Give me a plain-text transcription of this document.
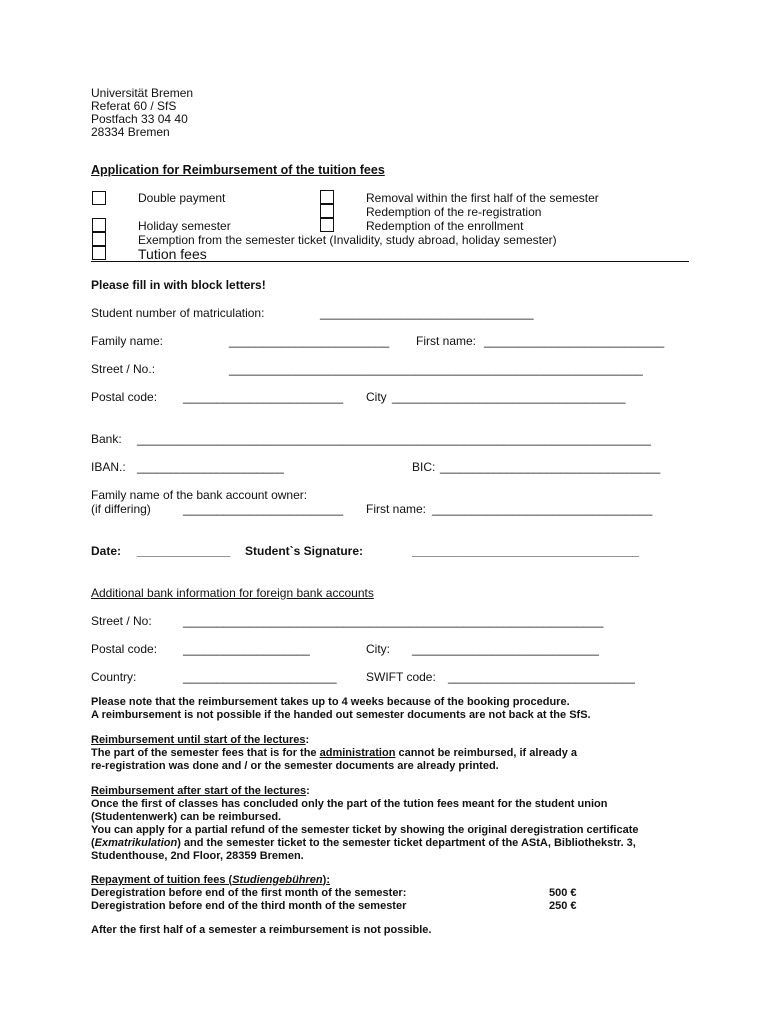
Universität Bremen
Referat 60 / SfS
Postfach 33 04 40
28334 Bremen
Application for Reimbursement of the tuition fees
Double payment
Holiday semester
Removal within the first half of the semester
Redemption of the re-registration
Redemption of the enrollment
Exemption from the semester ticket (Invalidity, study abroad, holiday semester)
Tution fees
Please fill in with block letters!
Student number of matriculation:	________________________________
Family name:	________________________ First name: ___________________________
Street / No.:	______________________________________________________________
Postal code: ________________________ City ___________________________________
Bank: _____________________________________________________________________________
IBAN.: ______________________	BIC: _________________________________
Family name of the bank account owner:
(if differing)	________________________ First name: _________________________________
Date: ______________ Student`s Signature:	__________________________________
Additional bank information for foreign bank accounts
Street / No:	_______________________________________________________________
Postal code: ___________________	City: ____________________________
Country:	_______________________ SWIFT code: ____________________________
Please note that the reimbursement takes up to 4 weeks because of the booking procedure.
A reimbursement is not possible if the handed out semester documents are not back at the SfS.
Reimbursement until start of the lectures:
The part of the semester fees that is for the administration cannot be reimbursed, if already a
re-registration was done and / or the semester documents are already printed.
Reimbursement after start of the lectures:
Once the first of classes has concluded only the part of the tution fees meant for the student union
(Studentenwerk) can be reimbursed.
You can apply for a partial refund of the semester ticket by showing the original deregistration certificate
(Exmatrikulation) and the semester ticket to the semester ticket department of the AStA, Bibliothekstr. 3,
Studenthouse, 2nd Floor, 28359 Bremen.
Repayment of tuition fees (Studiengebühren):
Deregistration before end of the first month of the semester:	500 €
Deregistration before end of the third month of the semester	250 €
After the first half of a semester a reimbursement is not possible.
